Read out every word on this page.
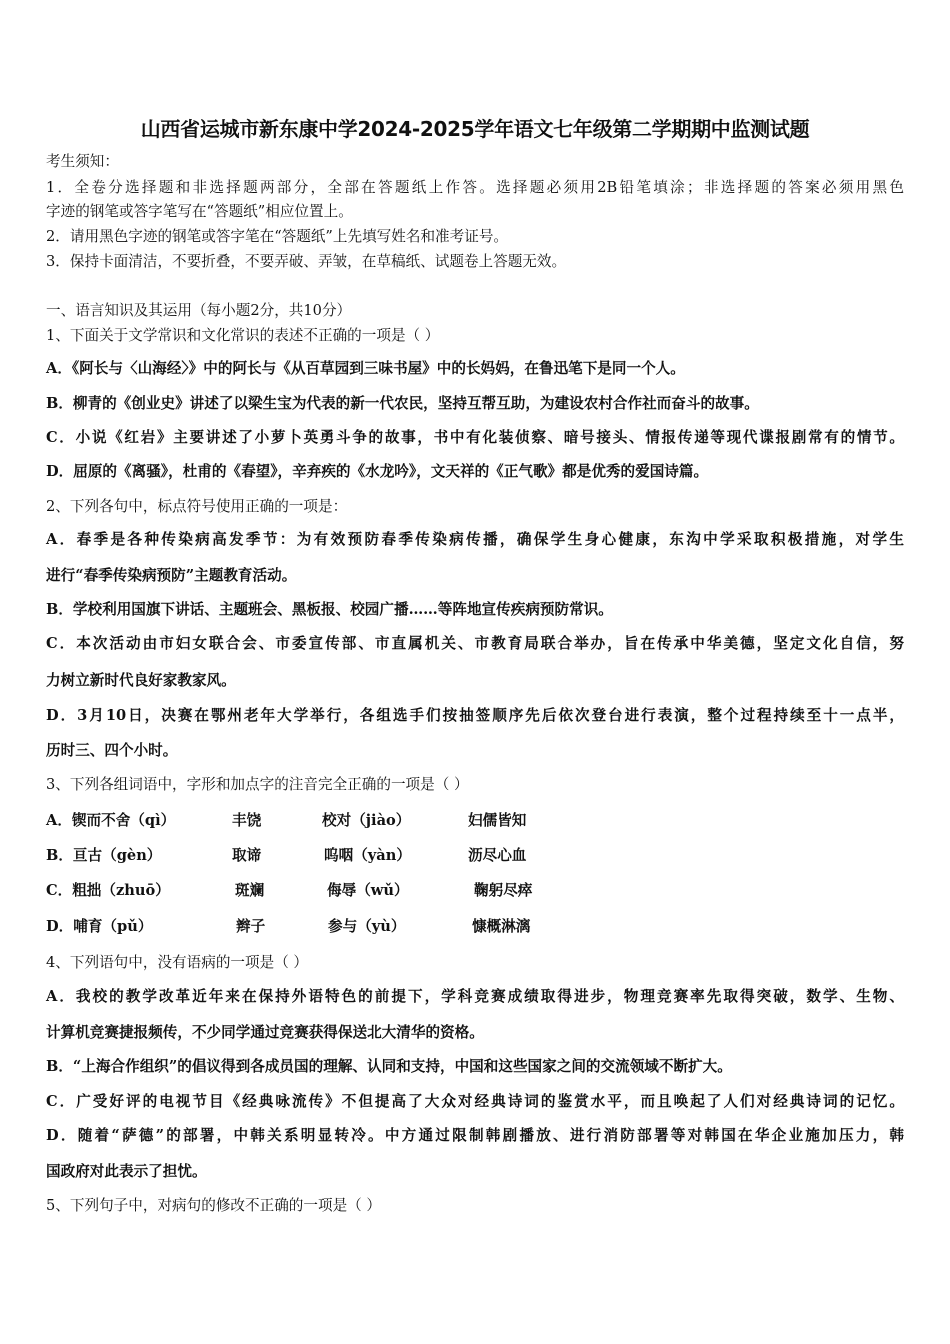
山西省运城市新东康中学2024-2025学年语文七年级第二学期期中监测试题
考生须知：
1．全卷分选择题和非选择题两部分，全部在答题纸上作答。选择题必须用2B铅笔填涂；非选择题的答案必须用黑色
字迹的钢笔或答字笔写在“答题纸”相应位置上。
2．请用黑色字迹的钢笔或答字笔在“答题纸”上先填写姓名和准考证号。
3．保持卡面清洁，不要折叠，不要弄破、弄皱，在草稿纸、试题卷上答题无效。
一、语言知识及其运用（每小题2分，共10分）
1、下面关于文学常识和文化常识的表述不正确的一项是（ ）
A．《阿长与〈山海经〉》中的阿长与《从百草园到三味书屋》中的长妈妈，在鲁迅笔下是同一个人。
B．柳青的《创业史》讲述了以梁生宝为代表的新一代农民，坚持互帮互助，为建设农村合作社而奋斗的故事。
C．小说《红岩》主要讲述了小萝卜英勇斗争的故事，书中有化装侦察、暗号接头、情报传递等现代谍报剧常有的情节。
D．屈原的《离骚》，杜甫的《春望》，辛弃疾的《水龙吟》，文天祥的《正气歌》都是优秀的爱国诗篇。
2、下列各句中，标点符号使用正确的一项是：
A．春季是各种传染病高发季节：为有效预防春季传染病传播，确保学生身心健康，东沟中学采取积极措施，对学生
进行“春季传染病预防”主题教育活动。
B．学校利用国旗下讲话、主题班会、黑板报、校园广播……等阵地宣传疾病预防常识。
C．本次活动由市妇女联合会、市委宣传部、市直属机关、市教育局联合举办，旨在传承中华美德，坚定文化自信，努
力树立新时代良好家教家风。
D．3月10日，决赛在鄂州老年大学举行，各组选手们按抽签顺序先后依次登台进行表演，整个过程持续至十一点半，
历时三、四个小时。
3、下列各组词语中，字形和加点字的注音完全正确的一项是（ ）
A．锲而不舍（qì）	丰饶	校对（jiào）	妇儒皆知
B．亘古（gèn）	取谛	呜咽（yàn）	沥尽心血
C．粗拙（zhuō）	斑斓	侮辱（wǔ）	鞠躬尽瘁
D．哺育（pǔ）	辫子	参与（yù）	慷概淋漓
4、下列语句中，没有语病的一项是（ ）
A．我校的教学改革近年来在保持外语特色的前提下，学科竞赛成绩取得进步，物理竞赛率先取得突破，数学、生物、
计算机竞赛捷报频传，不少同学通过竞赛获得保送北大清华的资格。
B．“上海合作组织”的倡议得到各成员国的理解、认同和支持，中国和这些国家之间的交流领域不断扩大。
C．广受好评的电视节目《经典咏流传》不但提高了大众对经典诗词的鉴赏水平，而且唤起了人们对经典诗词的记忆。
D．随着“萨德”的部署，中韩关系明显转冷。中方通过限制韩剧播放、进行消防部署等对韩国在华企业施加压力，韩
国政府对此表示了担忧。
5、下列句子中，对病句的修改不正确的一项是（ ）
